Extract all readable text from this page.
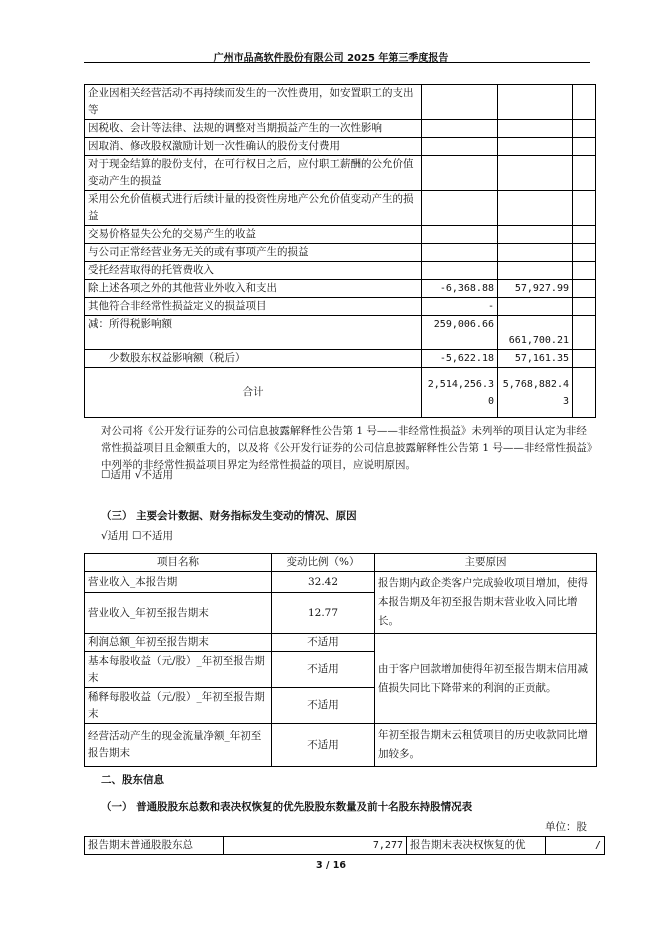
广州市品高软件股份有限公司 2025 年第三季度报告
企业因相关经营活动不再持续而发生的一次性费用，如安置职工的支出等			
因税收、会计等法律、法规的调整对当期损益产生的一次性影响			
因取消、修改股权激励计划一次性确认的股份支付费用			
对于现金结算的股份支付，在可行权日之后，应付职工薪酬的公允价值变动产生的损益			
采用公允价值模式进行后续计量的投资性房地产公允价值变动产生的损益			
交易价格显失公允的交易产生的收益			
与公司正常经营业务无关的或有事项产生的损益			
受托经营取得的托管费收入			
除上述各项之外的其他营业外收入和支出	-6,368.88	57,927.99	
其他符合非经常性损益定义的损益项目	-		
减：所得税影响额	259,006.66	661,700.21	
少数股东权益影响额（税后）	-5,622.18	57,161.35	
合计	2,514,256.30	5,768,882.43	
对公司将《公开发行证券的公司信息披露解释性公告第 1 号——非经常性损益》未列举的项目认定为非经常性损益项目且金额重大的，以及将《公开发行证券的公司信息披露解释性公告第 1 号——非经常性损益》中列举的非经常性损益项目界定为经常性损益的项目，应说明原因。
☐适用 √不适用
（三） 主要会计数据、财务指标发生变动的情况、原因
√适用 ☐不适用
项目名称	变动比例（%）	主要原因
营业收入_本报告期	32.42	报告期内政企类客户完成验收项目增加，使得本报告期及年初至报告期末营业收入同比增长。
营业收入_年初至报告期末	12.77	
利润总额_年初至报告期末	不适用	由于客户回款增加使得年初至报告期末信用减值损失同比下降带来的利润的正贡献。
基本每股收益（元/股）_年初至报告期末	不适用	
稀释每股收益（元/股）_年初至报告期末	不适用	
经营活动产生的现金流量净额_年初至报告期末	不适用	年初至报告期末云租赁项目的历史收款同比增加较多。
二、股东信息
（一） 普通股股东总数和表决权恢复的优先股股东数量及前十名股东持股情况表
单位：股
报告期末普通股股东总	7,277	报告期末表决权恢复的优	/
3 / 16
